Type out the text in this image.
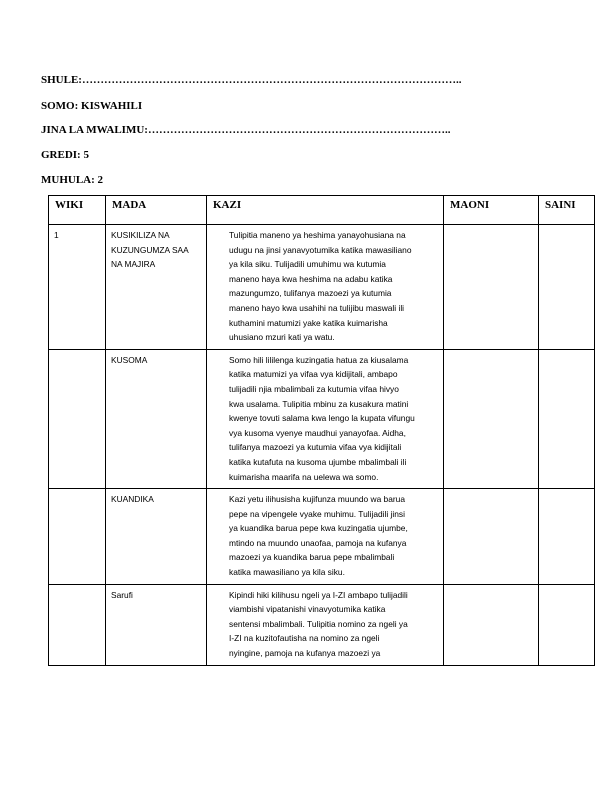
SHULE:…………………………………………………………………………………………..
SOMO: KISWAHILI
JINA LA MWALIMU:………………………………………………………………………..
GREDI: 5
MUHULA: 2
WIKI	MADA	KAZI	MAONI	SAINI
1	KUSIKILIZA NA KUZUNGUMZA SAA NA MAJIRA	Tulipitia maneno ya heshima yanayohusiana na udugu na jinsi yanavyotumika katika mawasiliano ya kila siku. Tulijadili umuhimu wa kutumia maneno haya kwa heshima na adabu katika mazungumzo, tulifanya mazoezi ya kutumia maneno hayo kwa usahihi na tulijibu maswali ili kuthamini matumizi yake katika kuimarisha uhusiano mzuri kati ya watu.		
	KUSOMA	Somo hili lililenga kuzingatia hatua za kiusalama katika matumizi ya vifaa vya kidijitali, ambapo tulijadili njia mbalimbali za kutumia vifaa hivyo kwa usalama. Tulipitia mbinu za kusakura matini kwenye tovuti salama kwa lengo la kupata vifungu vya kusoma vyenye maudhui yanayofaa. Aidha, tulifanya mazoezi ya kutumia vifaa vya kidijitali katika kutafuta na kusoma ujumbe mbalimbali ili kuimarisha maarifa na uelewa wa somo.		
	KUANDIKA	Kazi yetu ilihusisha kujifunza muundo wa barua pepe na vipengele vyake muhimu. Tulijadili jinsi ya kuandika barua pepe kwa kuzingatia ujumbe, mtindo na muundo unaofaa, pamoja na kufanya mazoezi ya kuandika barua pepe mbalimbali katika mawasiliano ya kila siku.		
	Sarufi	Kipindi hiki kilihusu ngeli ya I-ZI ambapo tulijadili viambishi vipatanishi vinavyotumika katika sentensi mbalimbali. Tulipitia nomino za ngeli ya I-ZI na kuzitofautisha na nomino za ngeli nyingine, pamoja na kufanya mazoezi ya		
